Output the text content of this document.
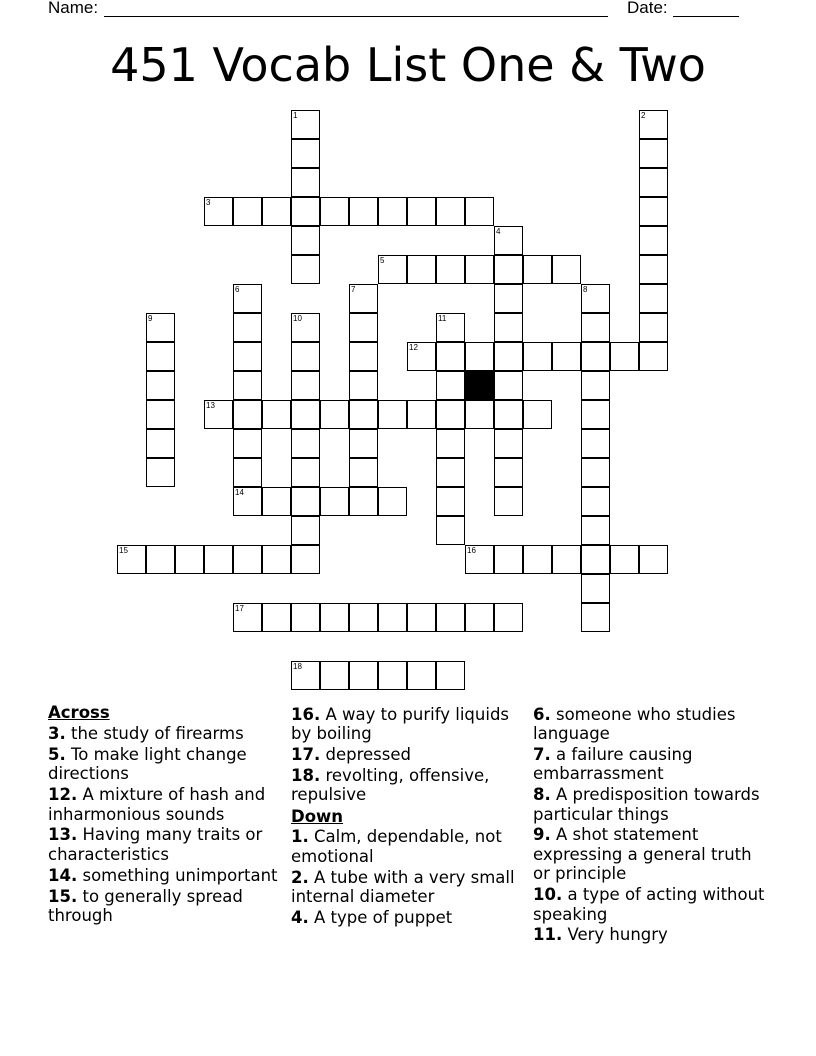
Name:	Date:
451 Vocab List One & Two
1	2
3
4
5
6
14
7	8
9	10	11
12
13
15	16
17
18
Across
3. the study of firearms
5. To make light change directions
12. A mixture of hash and inharmonious sounds
13. Having many traits or characteristics
14. something unimportant
15. to generally spread through
16. A way to purify liquids by boiling
17. depressed
18. revolting, offensive, repulsive
Down
1. Calm, dependable, not emotional
2. A tube with a very small internal diameter
4. A type of puppet
6. someone who studies language
7. a failure causing embarrassment
8. A predisposition towards particular things
9. A shot statement expressing a general truth or principle
10. a type of acting without speaking
11. Very hungry
